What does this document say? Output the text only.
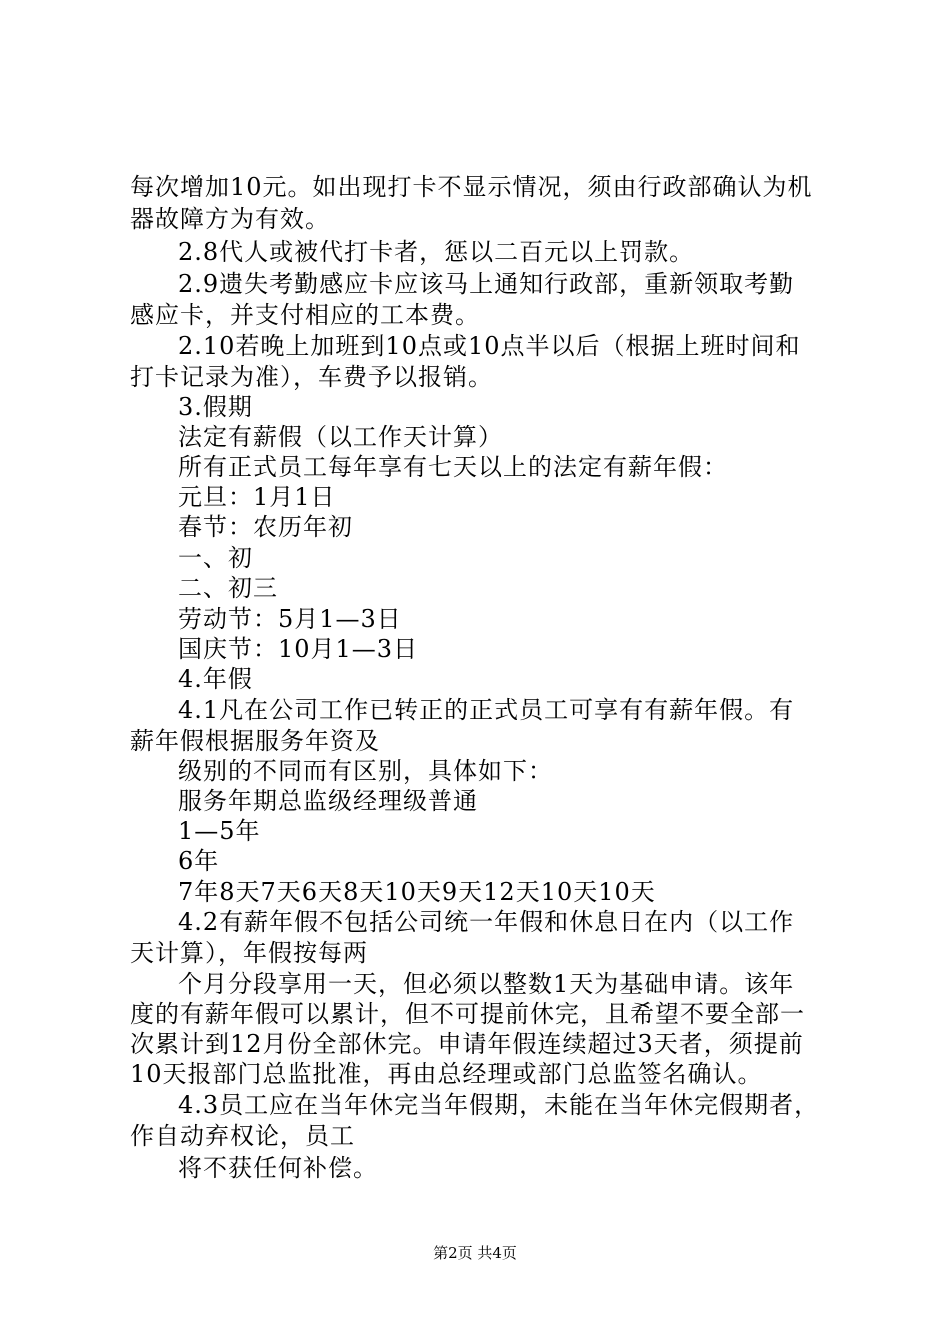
每次增加10元。如出现打卡不显示情况，须由行政部确认为机
器故障方为有效。
2.8代人或被代打卡者，惩以二百元以上罚款。
2.9遗失考勤感应卡应该马上通知行政部，重新领取考勤
感应卡，并支付相应的工本费。
2.10若晚上加班到10点或10点半以后（根据上班时间和
打卡记录为准），车费予以报销。
3.假期
法定有薪假（以工作天计算）
所有正式员工每年享有七天以上的法定有薪年假：
元旦：1月1日
春节：农历年初
一、初
二、初三
劳动节：5月1—3日
国庆节：10月1—3日
4.年假
4.1凡在公司工作已转正的正式员工可享有有薪年假。有
薪年假根据服务年资及
级别的不同而有区别，具体如下：
服务年期总监级经理级普通
1—5年
6年
7年8天7天6天8天10天9天12天10天10天
4.2有薪年假不包括公司统一年假和休息日在内（以工作
天计算），年假按每两
个月分段享用一天，但必须以整数1天为基础申请。该年
度的有薪年假可以累计，但不可提前休完，且希望不要全部一
次累计到12月份全部休完。申请年假连续超过3天者，须提前
10天报部门总监批准，再由总经理或部门总监签名确认。
4.3员工应在当年休完当年假期，未能在当年休完假期者，
作自动弃权论，员工
将不获任何补偿。
第2页 共4页
